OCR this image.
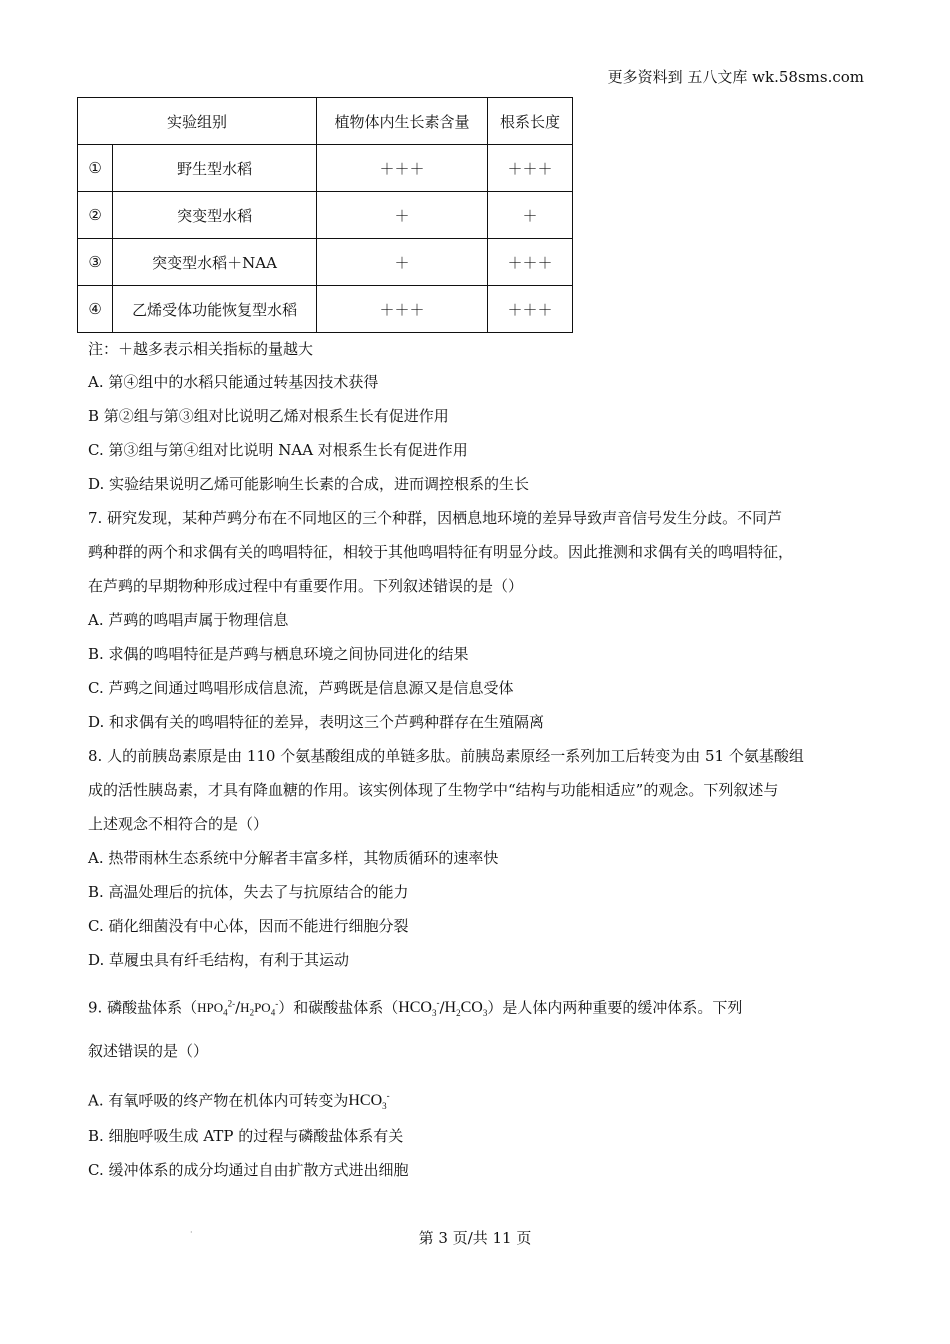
更多资料到 五八文库 wk.58sms.com
实验组别		植物体内生长素含量	根系长度
①	野生型水稻	＋＋＋	＋＋＋
②	突变型水稻	＋	＋
③	突变型水稻＋NAA	＋	＋＋＋
④	乙烯受体功能恢复型水稻	＋＋＋	＋＋＋
注：＋越多表示相关指标的量越大
A. 第④组中的水稻只能通过转基因技术获得
B 第②组与第③组对比说明乙烯对根系生长有促进作用
C. 第③组与第④组对比说明 NAA 对根系生长有促进作用
D. 实验结果说明乙烯可能影响生长素的合成，进而调控根系的生长
7. 研究发现，某种芦鹀分布在不同地区的三个种群，因栖息地环境的差异导致声音信号发生分歧。不同芦
鹀种群的两个和求偶有关的鸣唱特征，相较于其他鸣唱特征有明显分歧。因此推测和求偶有关的鸣唱特征，
在芦鹀的早期物种形成过程中有重要作用。下列叙述错误的是（）
A. 芦鹀的鸣唱声属于物理信息
B. 求偶的鸣唱特征是芦鹀与栖息环境之间协同进化的结果
C. 芦鹀之间通过鸣唱形成信息流，芦鹀既是信息源又是信息受体
D. 和求偶有关的鸣唱特征的差异，表明这三个芦鹀种群存在生殖隔离
8. 人的前胰岛素原是由 110 个氨基酸组成的单链多肽。前胰岛素原经一系列加工后转变为由 51 个氨基酸组
成的活性胰岛素，才具有降血糖的作用。该实例体现了生物学中“结构与功能相适应”的观念。下列叙述与
上述观念不相符合的是（）
A. 热带雨林生态系统中分解者丰富多样，其物质循环的速率快
B. 高温处理后的抗体，失去了与抗原结合的能力
C. 硝化细菌没有中心体，因而不能进行细胞分裂
D. 草履虫具有纤毛结构，有利于其运动
9. 磷酸盐体系$(HPO_4^{2-}/H_2PO_4^-)$和碳酸盐体系$(HCO_3^-/H_2CO_3)$是人体内两种重要的缓冲体系。下列
叙述错误的是（）
A. 有氧呼吸的终产物在机体内可转变为$HCO_3^-$
B. 细胞呼吸生成 ATP 的过程与磷酸盐体系有关
C. 缓冲体系的成分均通过自由扩散方式进出细胞
·	第 3 页/共 11 页
